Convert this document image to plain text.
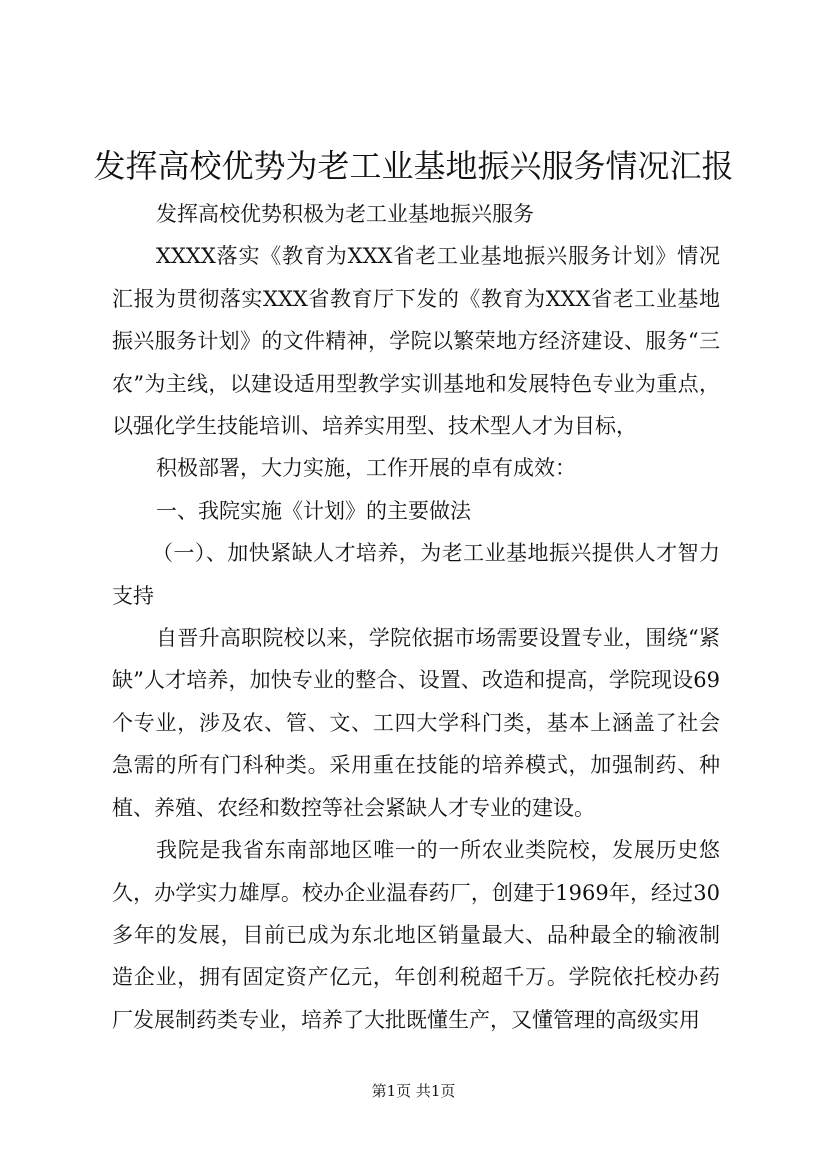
发挥高校优势为老工业基地振兴服务情况汇报

发挥高校优势积极为老工业基地振兴服务

XXXX落实《教育为XXX省老工业基地振兴服务计划》情况汇报为贯彻落实XXX省教育厅下发的《教育为XXX省老工业基地振兴服务计划》的文件精神，学院以繁荣地方经济建设、服务“三农”为主线，以建设适用型教学实训基地和发展特色专业为重点，以强化学生技能培训、培养实用型、技术型人才为目标，

积极部署，大力实施，工作开展的卓有成效：

一、我院实施《计划》的主要做法

（一）、加快紧缺人才培养，为老工业基地振兴提供人才智力支持

自晋升高职院校以来，学院依据市场需要设置专业，围绕“紧缺”人才培养，加快专业的整合、设置、改造和提高，学院现设69个专业，涉及农、管、文、工四大学科门类，基本上涵盖了社会急需的所有门科种类。采用重在技能的培养模式，加强制药、种植、养殖、农经和数控等社会紧缺人才专业的建设。

我院是我省东南部地区唯一的一所农业类院校，发展历史悠久，办学实力雄厚。校办企业温春药厂，创建于1969年，经过30多年的发展，目前已成为东北地区销量最大、品种最全的输液制造企业，拥有固定资产亿元，年创利税超千万。学院依托校办药厂发展制药类专业，培养了大批既懂生产，又懂管理的高级实用

第1页 共1页
